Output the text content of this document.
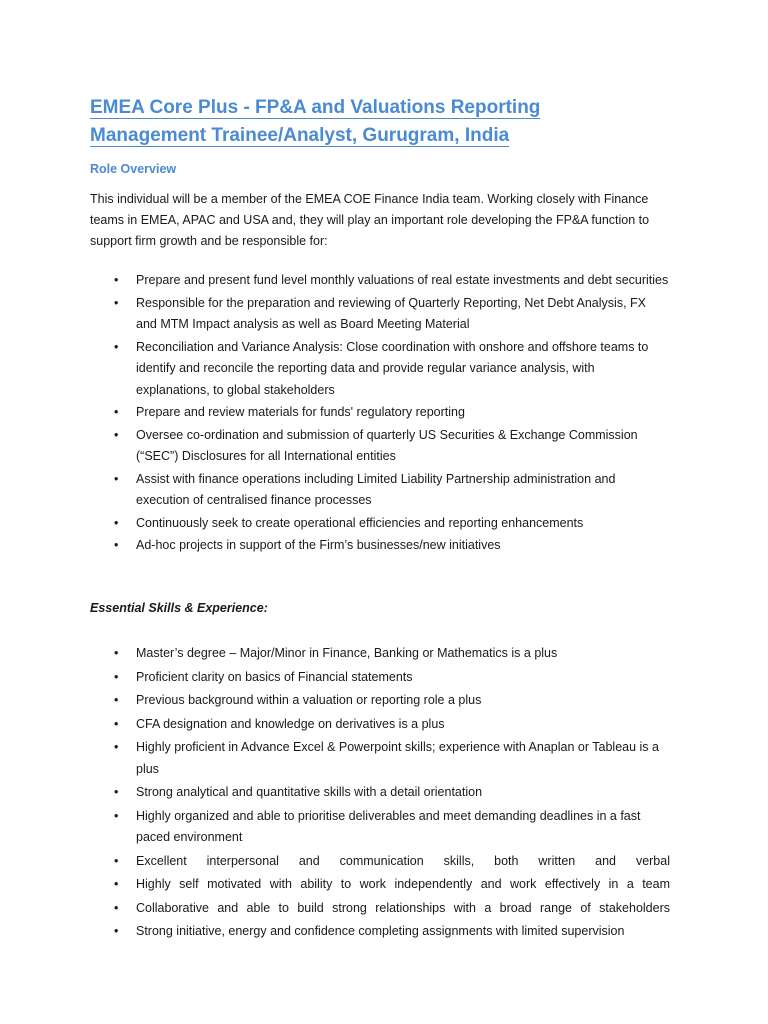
EMEA Core Plus - FP&A and Valuations Reporting
Management Trainee/Analyst, Gurugram, India
Role Overview

This individual will be a member of the EMEA COE Finance India team. Working closely with Finance teams in EMEA, APAC and USA and, they will play an important role developing the FP&A function to support firm growth and be responsible for:

• Prepare and present fund level monthly valuations of real estate investments and debt securities
• Responsible for the preparation and reviewing of Quarterly Reporting, Net Debt Analysis, FX and MTM Impact analysis as well as Board Meeting Material
• Reconciliation and Variance Analysis: Close coordination with onshore and offshore teams to identify and reconcile the reporting data and provide regular variance analysis, with explanations, to global stakeholders
• Prepare and review materials for funds' regulatory reporting
• Oversee co-ordination and submission of quarterly US Securities & Exchange Commission (“SEC”) Disclosures for all International entities
• Assist with finance operations including Limited Liability Partnership administration and execution of centralised finance processes
• Continuously seek to create operational efficiencies and reporting enhancements
• Ad-hoc projects in support of the Firm’s businesses/new initiatives
Essential Skills & Experience:
• Master’s degree – Major/Minor in Finance, Banking or Mathematics is a plus
• Proficient clarity on basics of Financial statements
• Previous background within a valuation or reporting role a plus
• CFA designation and knowledge on derivatives is a plus
• Highly proficient in Advance Excel & Powerpoint skills; experience with Anaplan or Tableau is a plus
• Strong analytical and quantitative skills with a detail orientation
• Highly organized and able to prioritise deliverables and meet demanding deadlines in a fast paced environment
• Excellent interpersonal and communication skills, both written and verbal
• Highly self motivated with ability to work independently and work effectively in a team
• Collaborative and able to build strong relationships with a broad range of stakeholders
• Strong initiative, energy and confidence completing assignments with limited supervision
